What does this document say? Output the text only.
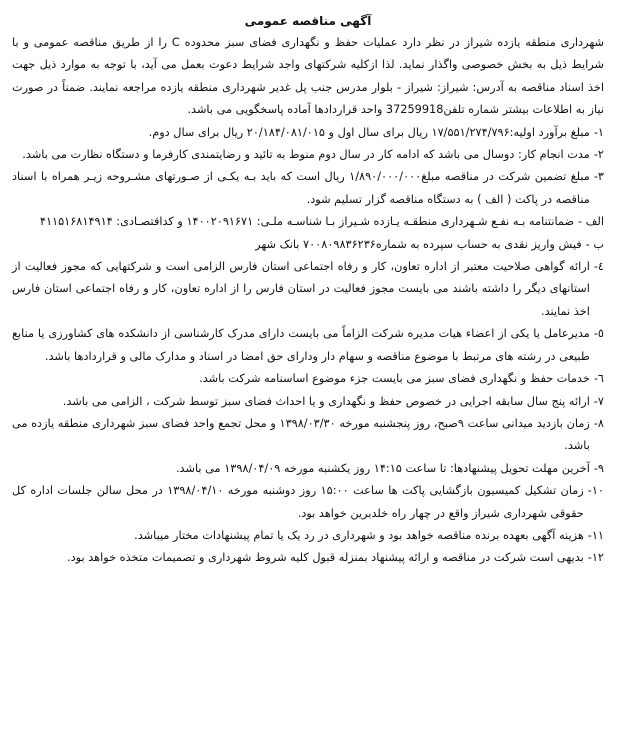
آگهی مناقصه عمومی

شهرداری منطقه یازده شیراز در نظر دارد عملیات حفظ و نگهداری فضای سبز محدوده C را از طریق مناقصه عمومی و با شرایط ذیل به بخش خصوصی واگذار نماید. لذا ازکلیه شرکتهای واجد شرایط دعوت بعمل می آید، با توجه به موارد ذیل جهت اخذ اسناد مناقصه به آدرس: شیراز: شیراز - بلوار مدرس جنب پل غدیر شهرداری منطقه یازده مراجعه نمایند. ضمناً در صورت نیاز به اطلاعات بیشتر شماره تلفن37259918 واحد قراردادها آماده پاسخگویی می باشد.

۱-
مبلغ برآورد اولیه:۱۷/۵۵۱/۲۷۴/۷۹۶ ریال برای سال اول و ۲۰/۱۸۴/۰۸۱/۰۱۵ ریال برای سال دوم.
۲-
مدت انجام کار: دوسال می باشد که ادامه کار در سال دوم منوط به تائید و رضایتمندی کارفرما و دستگاه نظارت می باشد.
۳-
مبلغ تضمین شرکت در مناقصه مبلغ۱/۸۹۰/۰۰۰/۰۰۰ ریال است که باید بـه یکـی از صـورتهای مشـروحه زیـر همراه با اسناد مناقصه در پاکت ( الف ) به دستگاه مناقصه گزار تسلیم شود.
الف -
ضمانتنامه بـه نفـع شـهرداری منطقـه یـازده شـیراز بـا شناسـه ملـی: ۱۴۰۰۲۰۹۱۶۷۱ و کداقتصـادی: ۴۱۱۵۱۶۸۱۴۹۱۴
ب -
فیش واریز نقدی به حساب سپرده به شماره۷۰۰۸۰۹۸۳۶۲۳۶ بانک شهر
٤-
ارائه گواهی صلاحیت معتبر از اداره تعاون، کار و رفاه اجتماعی استان فارس الزامی است و شرکتهایی که مجوز فعالیت از استانهای دیگر را داشته باشند می بایست مجوز فعالیت در استان فارس را از اداره تعاون، کار و رفاه اجتماعی استان فارس اخذ نمایند.
٥-
مدیرعامل یا یکی از اعضاء هیات مدیره شرکت الزاماً می بایست دارای مدرک کارشناسی از دانشکده های کشاورزی یا منابع طبیعی در رشته های مرتبط با موضوع مناقصه و سهام دار ودارای حق امضا در اسناد و مدارک مالی و قراردادها باشد.
٦-
خدمات حفظ و نگهداری فضای سبز می بایست جزء موضوع اساسنامه شرکت باشد.
٧-
ارائه پنج سال سابقه اجرایی در خصوص حفظ و نگهداری و یا احداث فضای سبز توسط شرکت ، الزامی می باشد.
٨-
زمان بازدید میدانی ساعت ۹صبح، روز پنجشنبه مورخه ۱۳۹۸/۰۳/۳۰ و محل تجمع واحد فضای سبز شهرداری منطقه یازده می باشد.
٩-
آخرین مهلت تحویل پیشنهادها: تا ساعت ۱۴:۱۵ روز یکشنبه مورخه ۱۳۹۸/۰۴/۰۹ می باشد.
١٠-
زمان تشکیل کمیسیون بازگشایی پاکت ها ساعت ۱۵:۰۰ روز دوشنبه مورخه ۱۳۹۸/۰۴/۱۰ در محل سالن جلسات اداره کل حقوقی شهرداری شیراز واقع در چهار راه خلدبرین خواهد بود.
١١-
هزینه آگهی بعهده برنده مناقصه خواهد بود و شهرداری در رد یک یا تمام پیشنهادات مختار میباشد.
١٢-
بدیهی است شرکت در مناقصه و ارائه پیشنهاد بمنزله قبول کلیه شروط شهرداری و تصمیمات متخذه خواهد بود.
